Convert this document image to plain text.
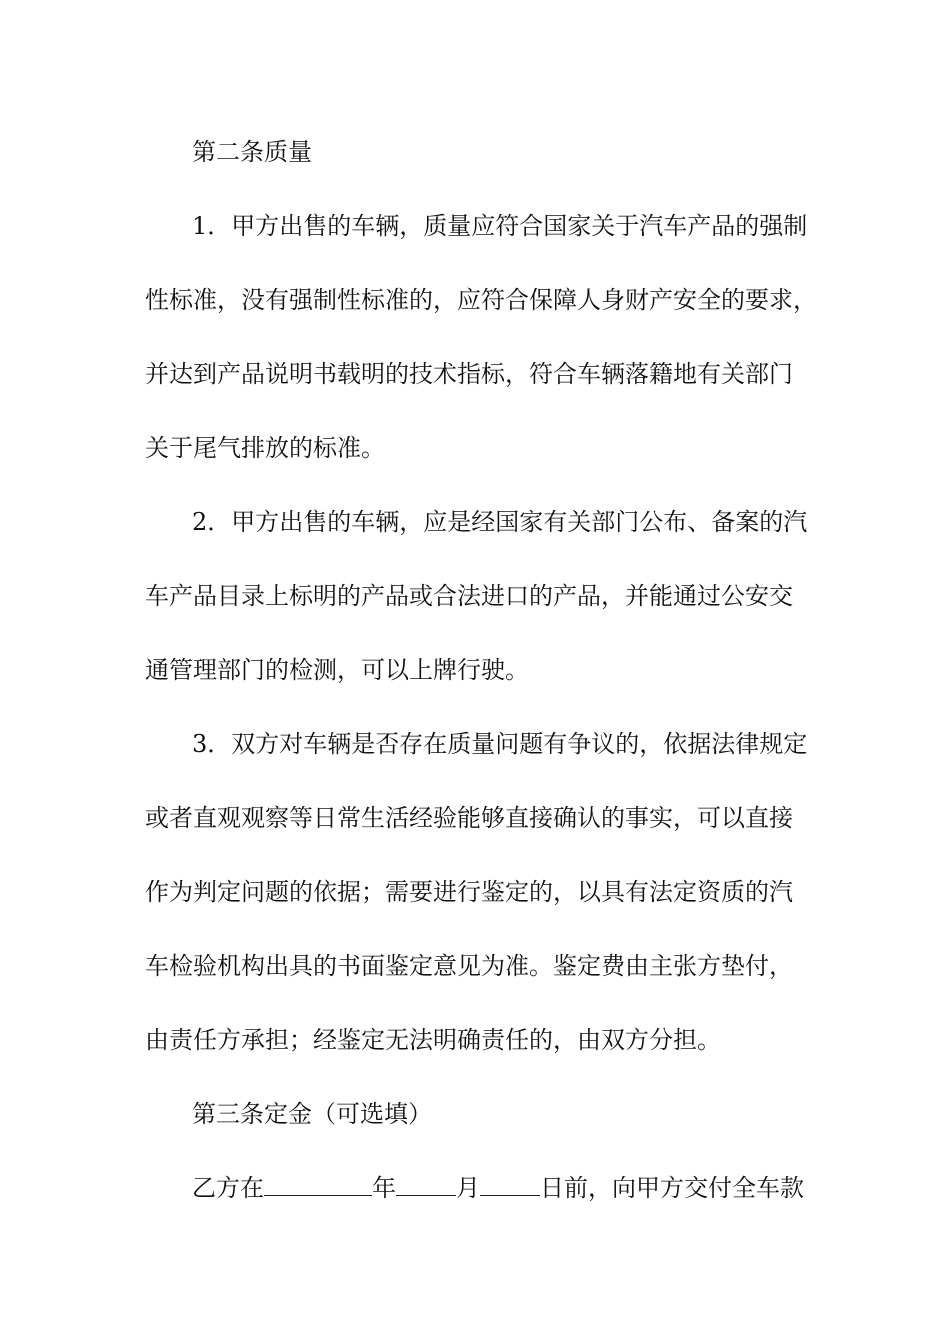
第二条质量
1．甲方出售的车辆，质量应符合国家关于汽车产品的强制
性标准，没有强制性标准的，应符合保障人身财产安全的要求，
并达到产品说明书载明的技术指标，符合车辆落籍地有关部门
关于尾气排放的标准。
2．甲方出售的车辆，应是经国家有关部门公布、备案的汽
车产品目录上标明的产品或合法进口的产品，并能通过公安交
通管理部门的检测，可以上牌行驶。
3．双方对车辆是否存在质量问题有争议的，依据法律规定
或者直观观察等日常生活经验能够直接确认的事实，可以直接
作为判定问题的依据；需要进行鉴定的，以具有法定资质的汽
车检验机构出具的书面鉴定意见为准。鉴定费由主张方垫付，
由责任方承担；经鉴定无法明确责任的，由双方分担。
第三条定金（可选填）
乙方在	年	月	日前，向甲方交付全车款
